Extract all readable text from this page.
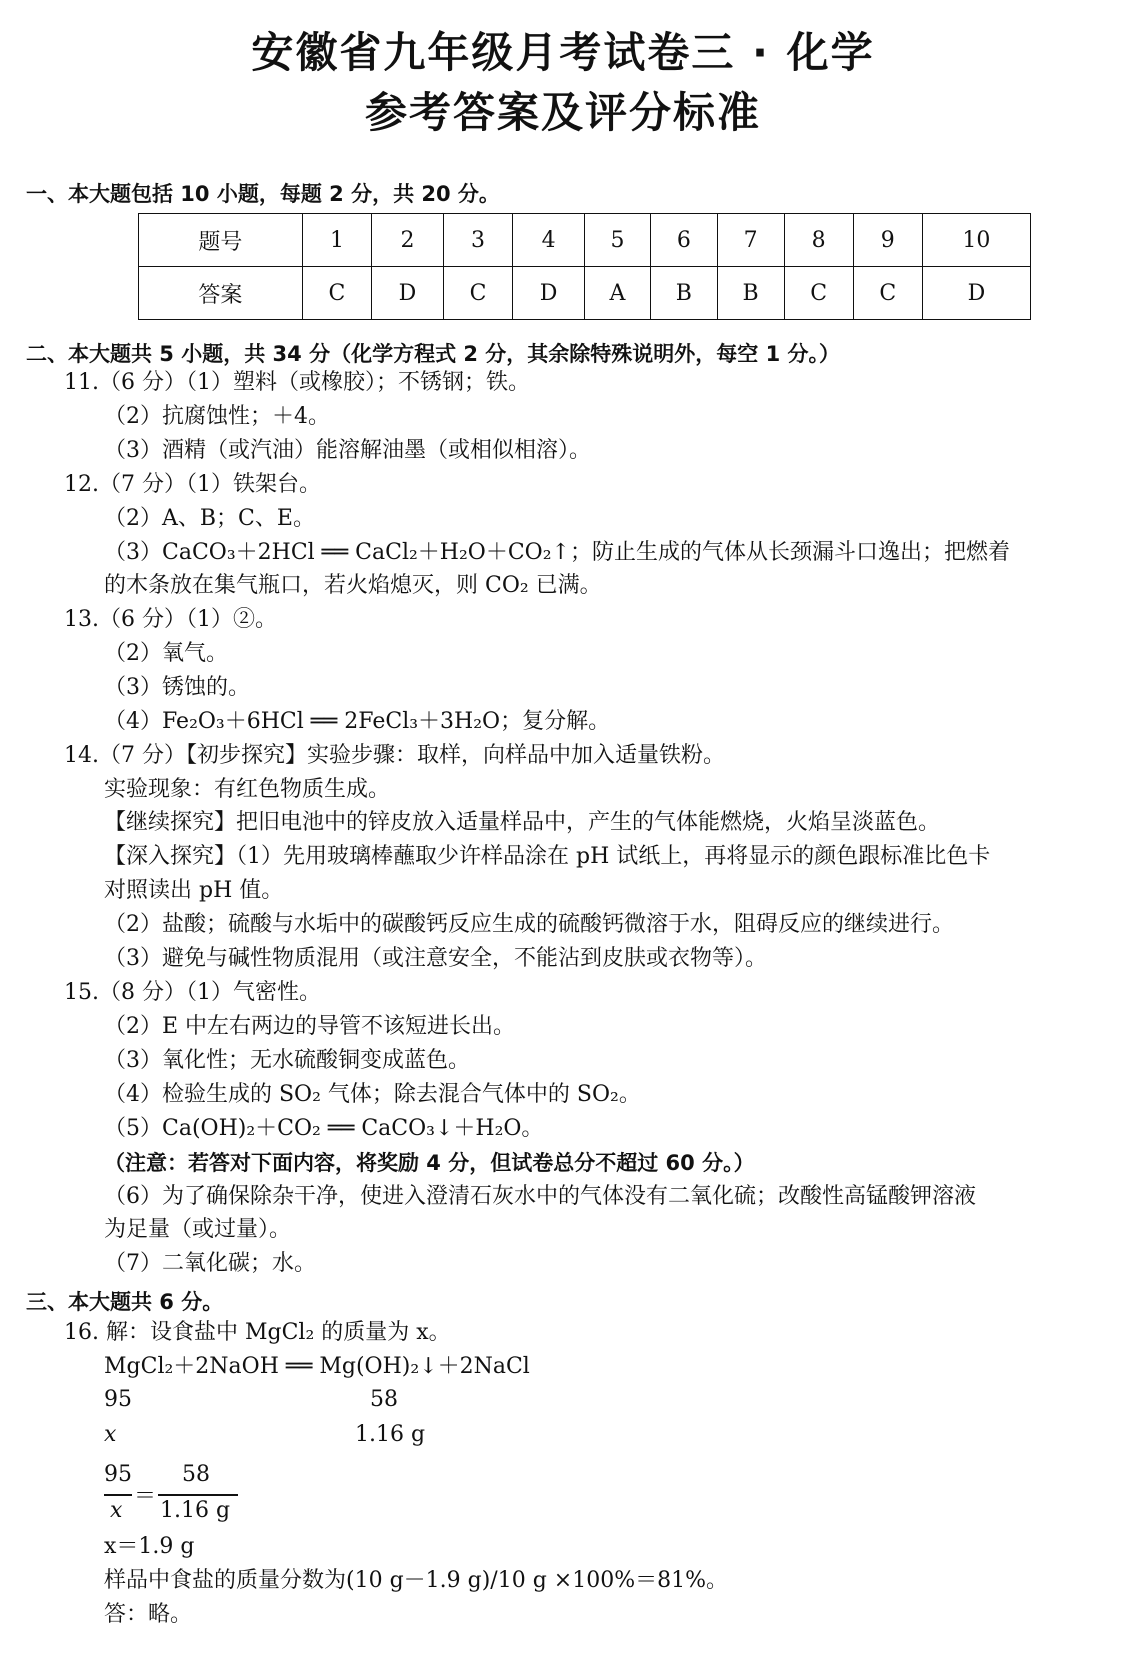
安徽省九年级月考试卷三 · 化学
参考答案及评分标准
一、本大题包括 10 小题，每题 2 分，共 20 分。
题号	1	2	3	4	5	6	7	8	9	10
答案	C	D	C	D	A	B	B	C	C	D
二、本大题共 5 小题，共 34 分（化学方程式 2 分，其余除特殊说明外，每空 1 分。）
11.（6 分）（1）塑料（或橡胶）；不锈钢；铁。
（2）抗腐蚀性；＋4。
（3）酒精（或汽油）能溶解油墨（或相似相溶）。
12.（7 分）（1）铁架台。
（2）A、B；C、E。
（3）CaCO₃＋2HCl ══ CaCl₂＋H₂O＋CO₂↑；防止生成的气体从长颈漏斗口逸出；把燃着
的木条放在集气瓶口，若火焰熄灭，则 CO₂ 已满。
13.（6 分）（1）②。
（2）氧气。
（3）锈蚀的。
（4）Fe₂O₃＋6HCl ══ 2FeCl₃＋3H₂O；复分解。
14.（7 分）【初步探究】实验步骤：取样，向样品中加入适量铁粉。
实验现象：有红色物质生成。
【继续探究】把旧电池中的锌皮放入适量样品中，产生的气体能燃烧，火焰呈淡蓝色。
【深入探究】（1）先用玻璃棒蘸取少许样品涂在 pH 试纸上，再将显示的颜色跟标准比色卡
对照读出 pH 值。
（2）盐酸；硫酸与水垢中的碳酸钙反应生成的硫酸钙微溶于水，阻碍反应的继续进行。
（3）避免与碱性物质混用（或注意安全，不能沾到皮肤或衣物等）。
15.（8 分）（1）气密性。
（2）E 中左右两边的导管不该短进长出。
（3）氧化性；无水硫酸铜变成蓝色。
（4）检验生成的 SO₂ 气体；除去混合气体中的 SO₂。
（5）Ca(OH)₂＋CO₂ ══ CaCO₃↓＋H₂O。
（注意：若答对下面内容，将奖励 4 分，但试卷总分不超过 60 分。）
（6）为了确保除杂干净，使进入澄清石灰水中的气体没有二氧化硫；改酸性高锰酸钾溶液
为足量（或过量）。
（7）二氧化碳；水。
三、本大题共 6 分。
16. 解：设食盐中 MgCl₂ 的质量为 x。
MgCl₂＋2NaOH ══ Mg(OH)₂↓＋2NaCl
95	58
x	1.16 g
95
x
＝
58
1.16 g
x＝1.9 g
样品中食盐的质量分数为(10 g－1.9 g)/10 g ×100%＝81%。
答：略。
